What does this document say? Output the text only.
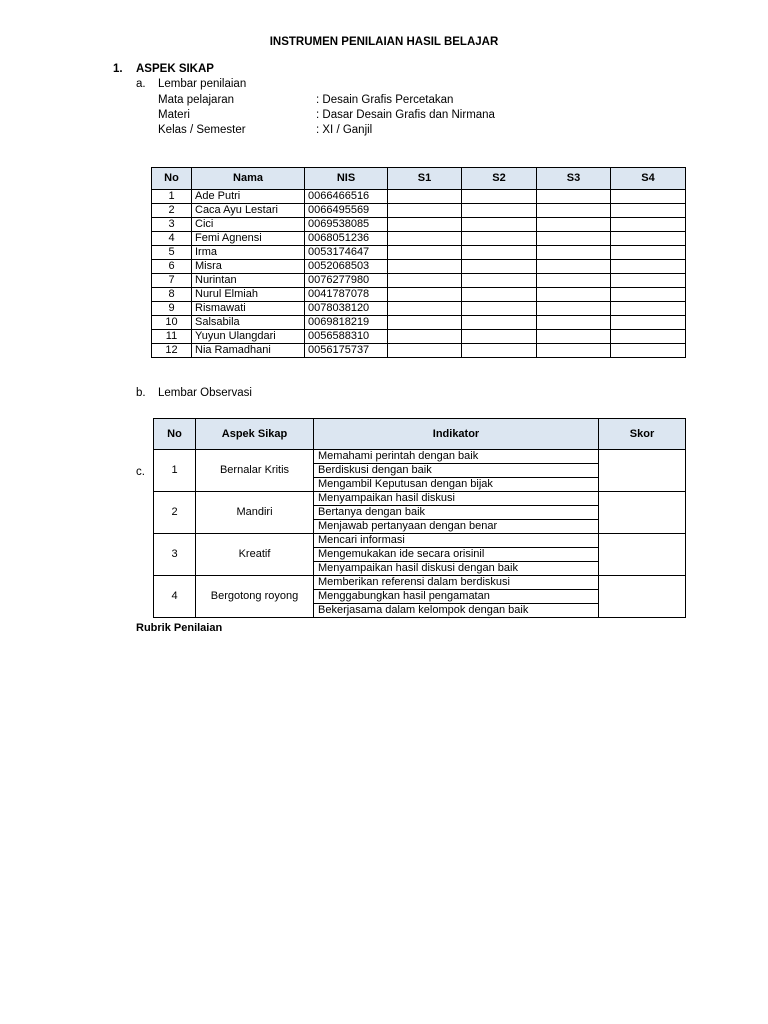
INSTRUMEN PENILAIAN HASIL BELAJAR
1. ASPEK SIKAP
a. Lembar penilaian
Mata pelajaran	: Desain Grafis Percetakan
Materi	: Dasar Desain Grafis dan Nirmana
Kelas / Semester	: XI / Ganjil
No	Nama	NIS	S1	S2	S3	S4
1	Ade Putri	0066466516				
2	Caca Ayu Lestari	0066495569				
3	Cici	0069538085				
4	Femi Agnensi	0068051236				
5	Irma	0053174647				
6	Misra	0052068503				
7	Nurintan	0076277980				
8	Nurul Elmiah	0041787078				
9	Rismawati	0078038120				
10	Salsabila	0069818219				
11	Yuyun Ulangdari	0056588310				
12	Nia Ramadhani	0056175737				
b. Lembar Observasi
c.
No	Aspek Sikap	Indikator	Skor
1	Bernalar Kritis	Memahami perintah dengan baik	
		Berdiskusi dengan baik	
		Mengambil Keputusan dengan bijak	
2	Mandiri	Menyampaikan hasil diskusi	
		Bertanya dengan baik	
		Menjawab pertanyaan dengan benar	
3	Kreatif	Mencari informasi	
		Mengemukakan ide secara orisinil	
		Menyampaikan hasil diskusi dengan baik	
4	Bergotong royong	Memberikan referensi dalam berdiskusi	
		Menggabungkan hasil pengamatan	
		Bekerjasama dalam kelompok dengan baik	
Rubrik Penilaian
